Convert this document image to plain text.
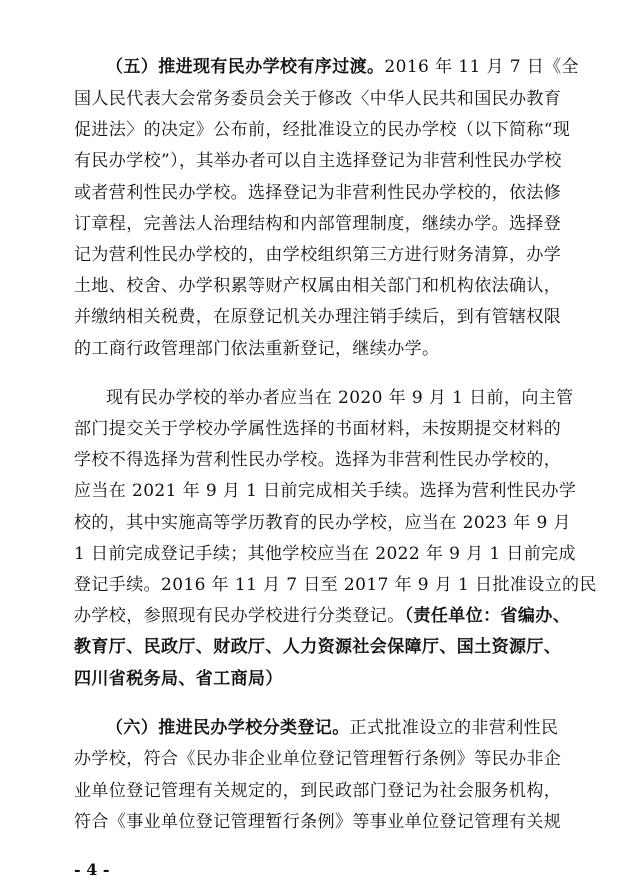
（五）推进现有民办学校有序过渡。2016 年 11 月 7 日《全
国人民代表大会常务委员会关于修改〈中华人民共和国民办教育
促进法〉的决定》公布前，经批准设立的民办学校（以下简称“现
有民办学校”），其举办者可以自主选择登记为非营利性民办学校
或者营利性民办学校。选择登记为非营利性民办学校的，依法修
订章程，完善法人治理结构和内部管理制度，继续办学。选择登
记为营利性民办学校的，由学校组织第三方进行财务清算，办学
土地、校舍、办学积累等财产权属由相关部门和机构依法确认，
并缴纳相关税费，在原登记机关办理注销手续后，到有管辖权限
的工商行政管理部门依法重新登记，继续办学。
现有民办学校的举办者应当在 2020 年 9 月 1 日前，向主管
部门提交关于学校办学属性选择的书面材料，未按期提交材料的
学校不得选择为营利性民办学校。选择为非营利性民办学校的，
应当在 2021 年 9 月 1 日前完成相关手续。选择为营利性民办学
校的，其中实施高等学历教育的民办学校，应当在 2023 年 9 月
1 日前完成登记手续；其他学校应当在 2022 年 9 月 1 日前完成
登记手续。2016 年 11 月 7 日至 2017 年 9 月 1 日批准设立的民
办学校，参照现有民办学校进行分类登记。（责任单位：省编办、
教育厅、民政厅、财政厅、人力资源社会保障厅、国土资源厅、
四川省税务局、省工商局）
（六）推进民办学校分类登记。正式批准设立的非营利性民
办学校，符合《民办非企业单位登记管理暂行条例》等民办非企
业单位登记管理有关规定的，到民政部门登记为社会服务机构，
符合《事业单位登记管理暂行条例》等事业单位登记管理有关规
- 4 -
